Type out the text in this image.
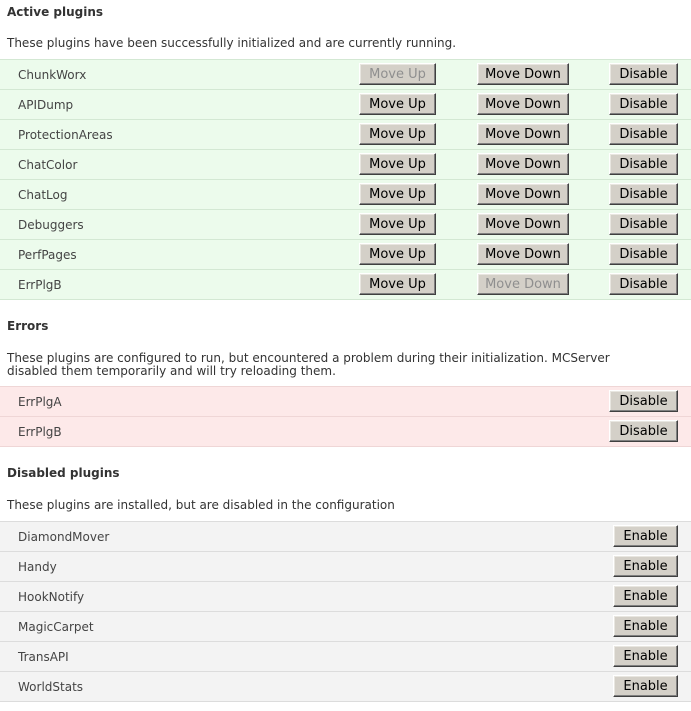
Active plugins

These plugins have been successfully initialized and are currently running.

ChunkWorx	Move Up	Move Down	Disable
APIDump	Move Up	Move Down	Disable
ProtectionAreas	Move Up	Move Down	Disable
ChatColor	Move Up	Move Down	Disable
ChatLog	Move Up	Move Down	Disable
Debuggers	Move Up	Move Down	Disable
PerfPages	Move Up	Move Down	Disable
ErrPlgB	Move Up	Move Down	Disable
Errors

These plugins are configured to run, but encountered a problem during their initialization. MCServer disabled them temporarily and will try reloading them.

ErrPlgA	Disable
ErrPlgB	Disable
Disabled plugins

These plugins are installed, but are disabled in the configuration

DiamondMover	Enable
Handy	Enable
HookNotify	Enable
MagicCarpet	Enable
TransAPI	Enable
WorldStats	Enable
